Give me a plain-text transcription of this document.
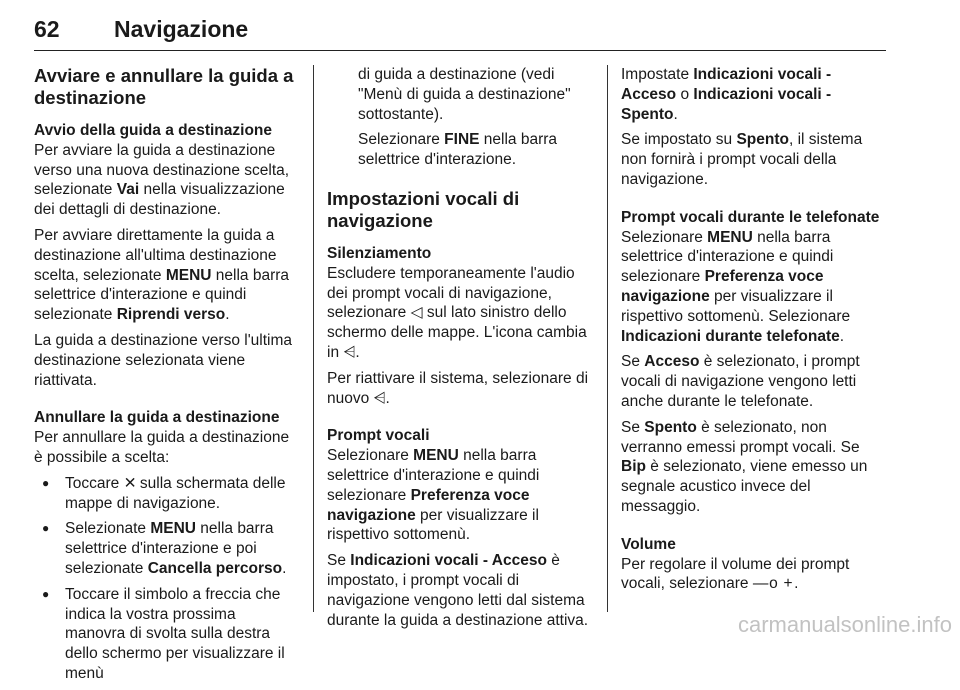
62 Navigazione
Avviare e annullare la guida a destinazione
Avvio della guida a destinazione

Per avviare la guida a destinazione verso una nuova destinazione scelta, selezionate Vai nella visualizzazione dei dettagli di destinazione.

Per avviare direttamente la guida a destinazione all'ultima destinazione scelta, selezionate MENU nella barra selettrice d'interazione e quindi selezionate Riprendi verso.

La guida a destinazione verso l'ultima destinazione selezionata viene riattivata.

Annullare la guida a destinazione

Per annullare la guida a destinazione è possibile a scelta:

● Toccare ✕ sulla schermata delle mappe di navigazione.
● Selezionate MENU nella barra selettrice d'interazione e poi selezionate Cancella percorso.
● Toccare il simbolo a freccia che indica la vostra prossima manovra di svolta sulla destra dello schermo per visualizzare il menù

di guida a destinazione (vedi "Menù di guida a destinazione" sottostante).

Selezionare FINE nella barra selettrice d'interazione.

Impostazioni vocali di navigazione
Silenziamento

Escludere temporaneamente l'audio dei prompt vocali di navigazione, selezionare ◁ sul lato sinistro dello schermo delle mappe. L'icona cambia in ⩤.

Per riattivare il sistema, selezionare di nuovo ⩤.

Prompt vocali

Selezionare MENU nella barra selettrice d'interazione e quindi selezionare Preferenza voce navigazione per visualizzare il rispettivo sottomenù.

Se Indicazioni vocali - Acceso è impostato, i prompt vocali di navigazione vengono letti dal sistema durante la guida a destinazione attiva.

Impostate Indicazioni vocali - Acceso o Indicazioni vocali - Spento.

Se impostato su Spento, il sistema non fornirà i prompt vocali della navigazione.

Prompt vocali durante le telefonate

Selezionare MENU nella barra selettrice d'interazione e quindi selezionare Preferenza voce navigazione per visualizzare il rispettivo sottomenù. Selezionare Indicazioni durante telefonate.

Se Acceso è selezionato, i prompt vocali di navigazione vengono letti anche durante le telefonate.

Se Spento è selezionato, non verranno emessi prompt vocali. Se Bip è selezionato, viene emesso un segnale acustico invece del messaggio.

Volume

Per regolare il volume dei prompt vocali, selezionare — o +.

carmanualsonline.info
